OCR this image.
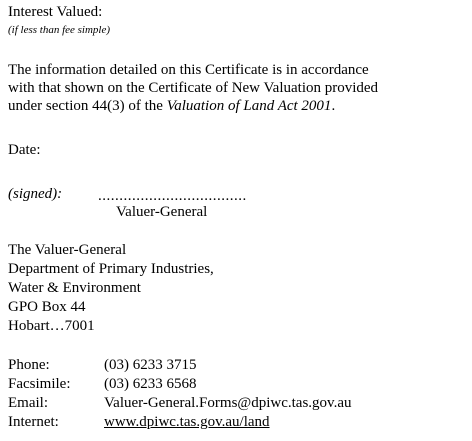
Interest Valued:
(if less than fee simple)
The information detailed on this Certificate is in accordance
with that shown on the Certificate of New Valuation provided
under section 44(3) of the Valuation of Land Act 2001.
Date:
(signed): ...................................
Valuer-General
The Valuer-General
Department of Primary Industries,
Water & Environment
GPO Box 44
Hobart…7001
Phone:	(03) 6233 3715
Facsimile: (03) 6233 6568
Email:	Valuer-General.Forms@dpiwc.tas.gov.au
Internet:	www.dpiwc.tas.gov.au/land
